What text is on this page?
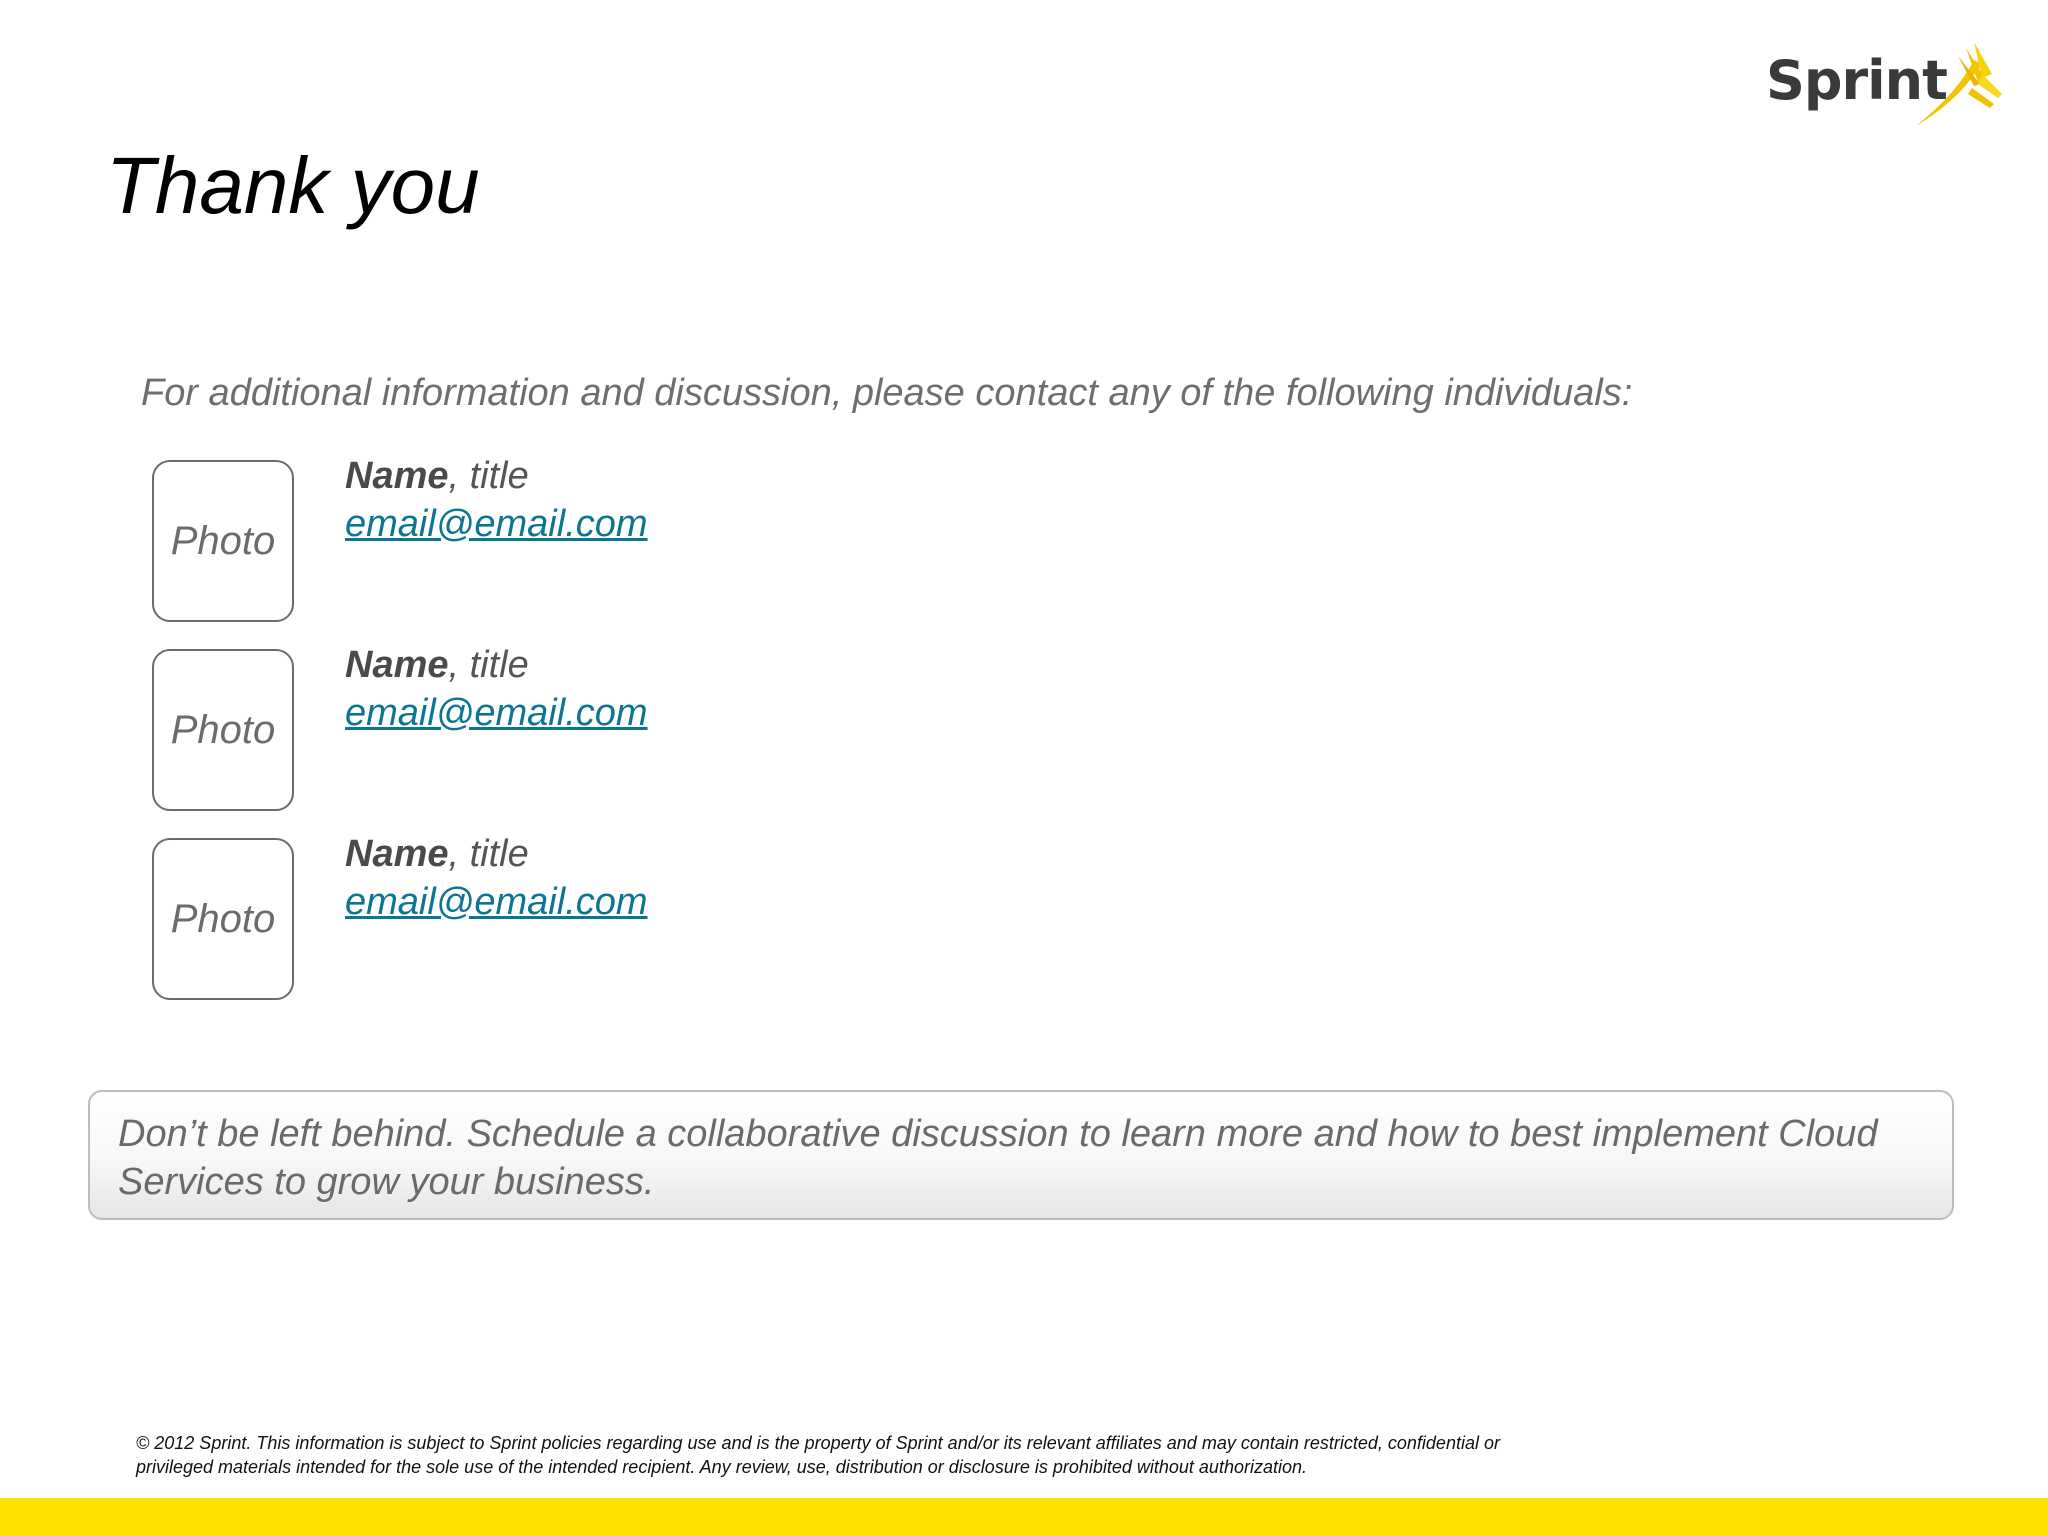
Sprint
Thank you
For additional information and discussion, please contact any of the following individuals:
Photo
Name, title
email@email.com
Photo
Name, title
email@email.com
Photo
Name, title
email@email.com
Don’t be left behind. Schedule a collaborative discussion to learn more and how to best implement Cloud Services to grow your business.
© 2012 Sprint. This information is subject to Sprint policies regarding use and is the property of Sprint and/or its relevant affiliates and may contain restricted, confidential or privileged materials intended for the sole use of the intended recipient. Any review, use, distribution or disclosure is prohibited without authorization.
